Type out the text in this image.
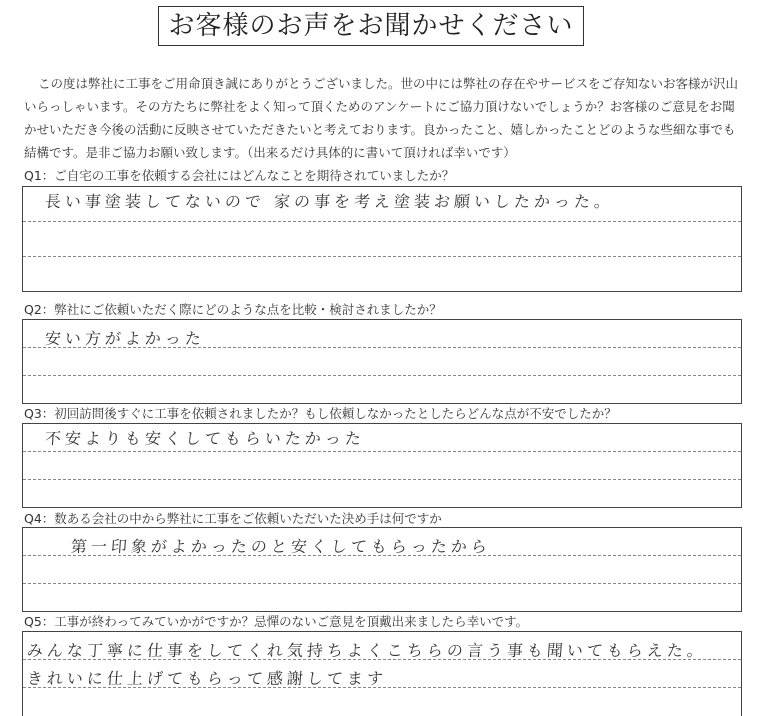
お客様のお声をお聞かせください
この度は弊社に工事をご用命頂き誠にありがとうございました。世の中には弊社の存在やサービスをご存知ないお客様が沢山いらっしゃいます。その方たちに弊社をよく知って頂くためのアンケートにご協力頂けないでしょうか？お客様のご意見をお聞かせいただき今後の活動に反映させていただきたいと考えております。良かったこと、嬉しかったことどのような些細な事でも結構です。是非ご協力お願い致します。（出来るだけ具体的に書いて頂ければ幸いです）
Q1：ご自宅の工事を依頼する会社にはどんなことを期待されていましたか？
長い事塗装してないので 家の事を考え塗装お願いしたかった。
Q2：弊社にご依頼いただく際にどのような点を比較・検討されましたか？
安い方がよかった
Q3：初回訪問後すぐに工事を依頼されましたか？もし依頼しなかったとしたらどんな点が不安でしたか？
不安よりも安くしてもらいたかった
Q4：数ある会社の中から弊社に工事をご依頼いただいた決め手は何ですか
第一印象がよかったのと安くしてもらったから
Q5：工事が終わってみていかがですか？忌憚のないご意見を頂戴出来ましたら幸いです。
みんな丁寧に仕事をしてくれ気持ちよくこちらの言う事も聞いてもらえた。
きれいに仕上げてもらって感謝してます
